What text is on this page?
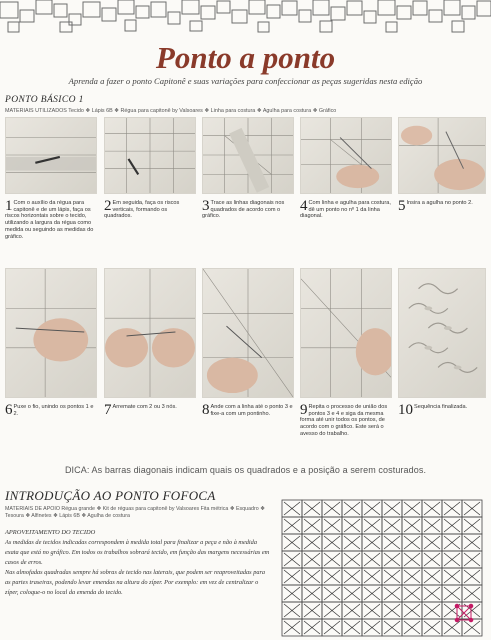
Ponto a ponto
Aprenda a fazer o ponto Capitonê e suas variações para confeccionar as peças sugeridas nesta edição
PONTO BÁSICO 1
MATERIAIS UTILIZADOS Tecido ❖ Lápis 6B ❖ Régua para capitonê by Valsoares ❖ Linha para costura ❖ Agulha para costura ❖ Gráfico
1 Com o auxílio da régua para capitonê e de um lápis, faça os riscos horizontais sobre o tecido, utilizando a largura da régua como medida ou seguindo as medidas do gráfico.
2 Em seguida, faça os riscos verticais, formando os quadrados.
3 Trace as linhas diagonais nos quadrados de acordo com o gráfico.
4 Com linha e agulha para costura, dê um ponto no nº 1 da linha diagonal.
5 Insira a agulha no ponto 2.
6 Puxe o fio, unindo os pontos 1 e 2.	7 Arremate com 2 ou 3 nós.	8 Ande com a linha até o ponto 3 e fixe-a com um pontinho.	9 Repita o processo de união dos pontos 3 e 4 e siga da mesma forma até unir todos os pontos, de acordo com o gráfico. Este será o avesso do trabalho.
10 Sequência finalizada.
DICA: As barras diagonais indicam quais os quadrados e a posição a serem costurados.
INTRODUÇÃO AO PONTO FOFOCA
MATERIAIS DE APOIO Régua grande ❖ Kit de réguas para capitonê by Valsoares Fita métrica ❖ Esquadro ❖ Tesoura ❖ Alfinetes ❖ Lápis 6B ❖ Agulha de costura
APROVEITAMENTO DO TECIDO

As medidas de tecidos indicadas correspondem à medida total para finalizar a peça e não à medida exata que está no gráfico. Em todos os trabalhos sobrará tecido, em função das margens necessárias em casos de erros.

Nas almofadas quadradas sempre há sobras de tecido nas laterais, que podem ser reaproveitadas para as partes traseiras, podendo levar emendas na altura do zíper. Por exemplo: em vez de centralizar o zíper, coloque-o no local da emenda do tecido.
